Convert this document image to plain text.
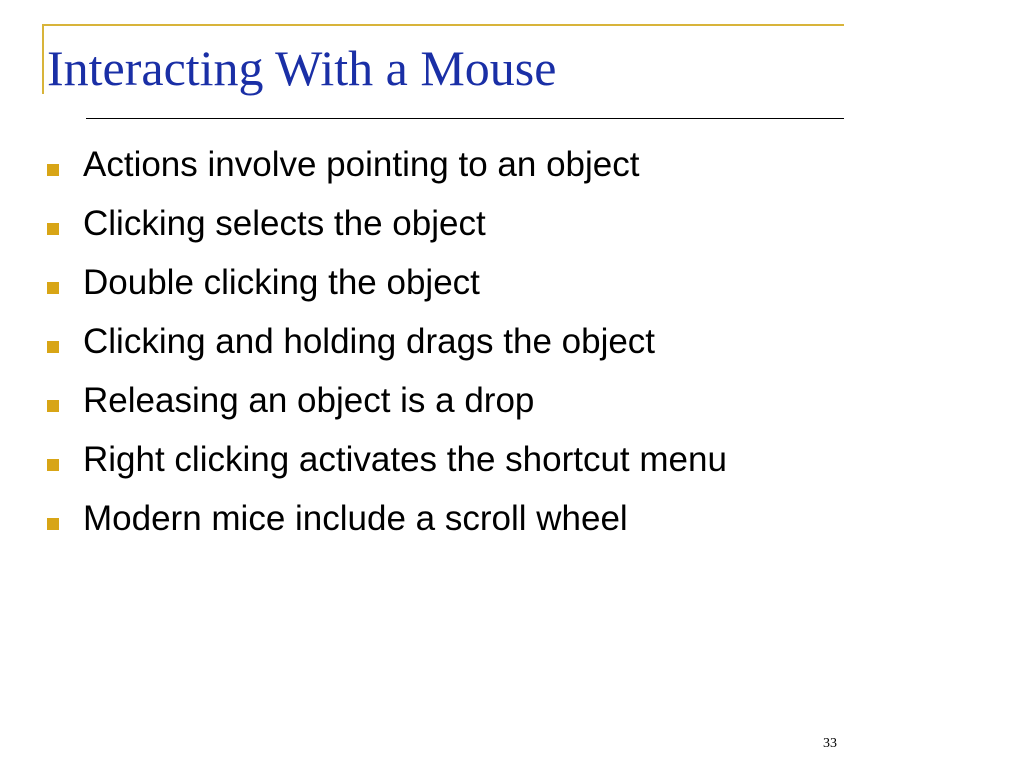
Interacting With a Mouse
Actions involve pointing to an object
Clicking selects the object
Double clicking the object
Clicking and holding drags the object
Releasing an object is a drop
Right clicking activates the shortcut menu
Modern mice include a scroll wheel
33
